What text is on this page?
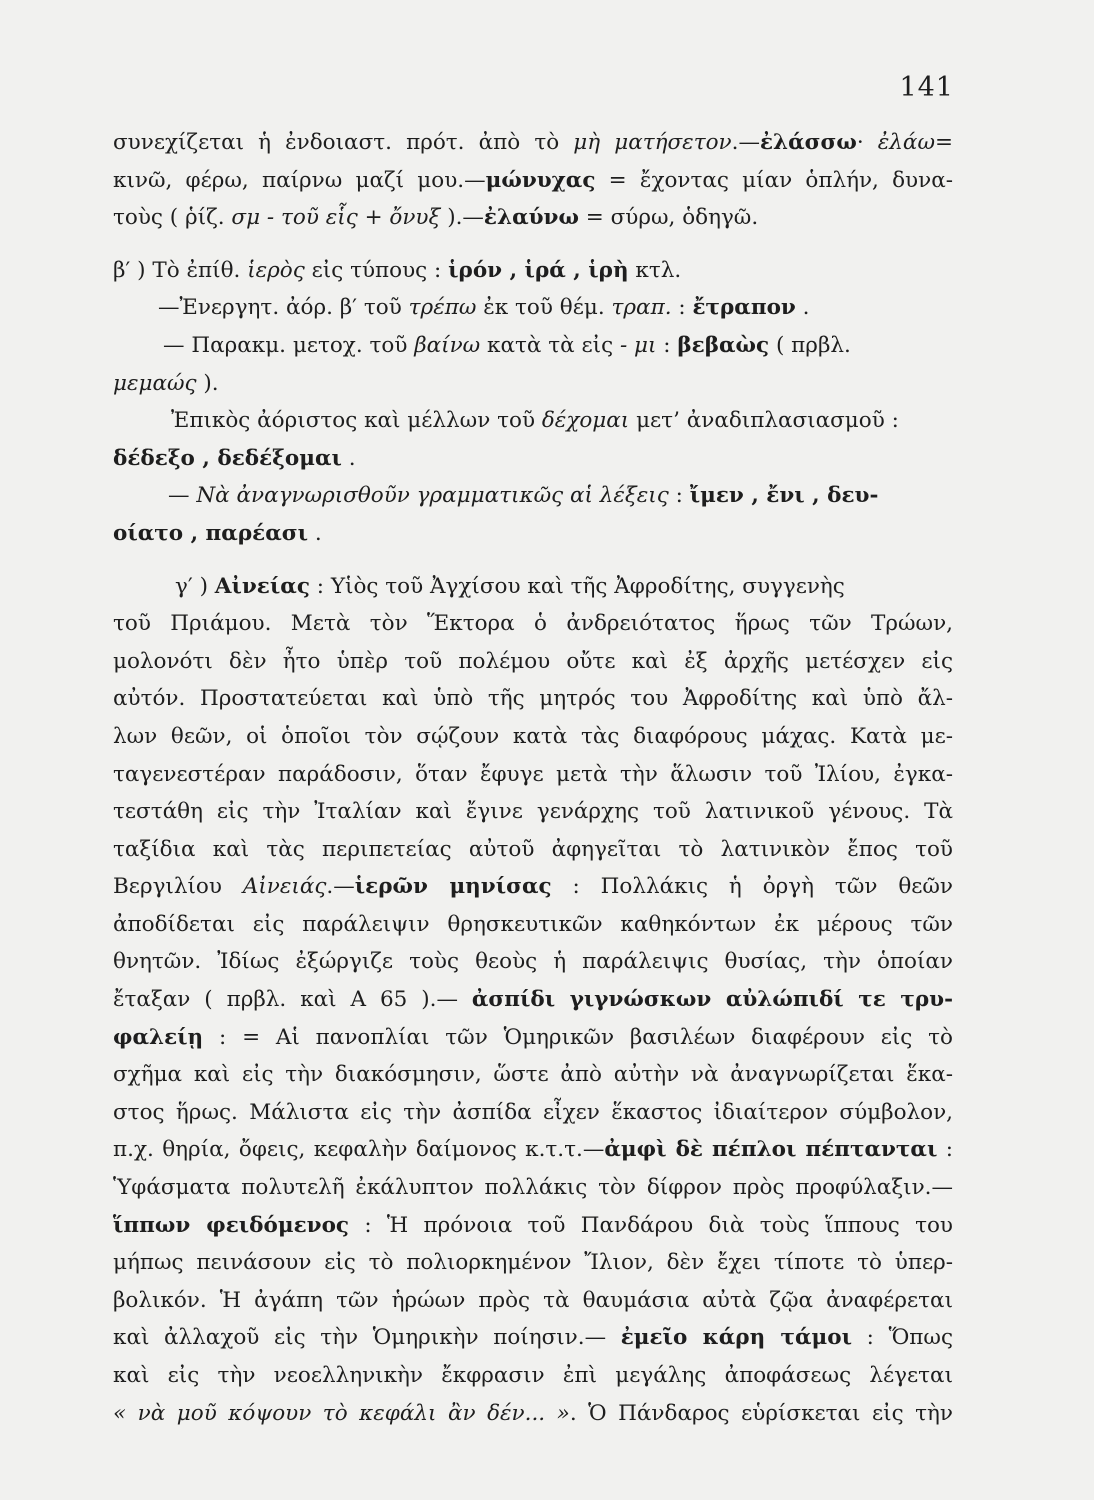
141
συνεχίζεται ἡ ἐνδοιαστ. πρότ. ἀπὸ τὸ μὴ ματήσετον.—ἐλάσσω· ἐλάω=
κινῶ, φέρω, παίρνω μαζί μου.—μώνυχας = ἔχοντας μίαν ὁπλήν, δυνα-
τοὺς ( ῥίζ. σμ - τοῦ εἷς + ὄνυξ ).—ἐλαύνω = σύρω, ὁδηγῶ.
β′ ) Τὸ ἐπίθ. ἱερὸς εἰς τύπους : ἱρόν , ἱρά , ἱρὴ κτλ.
—Ἐνεργητ. ἀόρ. β′ τοῦ τρέπω ἐκ τοῦ θέμ. τραπ. : ἔτραπον .
— Παρακμ. μετοχ. τοῦ βαίνω κατὰ τὰ εἰς - μι : βεβαὼς ( πρβλ.
μεμαώς ).
Ἐπικὸς ἀόριστος καὶ μέλλων τοῦ δέχομαι μετ’ ἀναδιπλασιασμοῦ :
δέδεξο , δεδέξομαι .
— Νὰ ἀναγνωρισθοῦν γραμματικῶς αἱ λέξεις : ἴμεν , ἔνι , δευ-
οίατο , παρέασι .
γ′ ) Αἰνείας : Υἱὸς τοῦ Ἀγχίσου καὶ τῆς Ἀφροδίτης, συγγενὴς
τοῦ Πριάμου. Μετὰ τὸν Ἕκτορα ὁ ἀνδρειότατος ἥρως τῶν Τρώων,
μολονότι δὲν ἦτο ὑπὲρ τοῦ πολέμου οὔτε καὶ ἐξ ἀρχῆς μετέσχεν εἰς
αὐτόν. Προστατεύεται καὶ ὑπὸ τῆς μητρός του Ἀφροδίτης καὶ ὑπὸ ἄλ-
λων θεῶν, οἱ ὁποῖοι τὸν σῴζουν κατὰ τὰς διαφόρους μάχας. Κατὰ με-
ταγενεστέραν παράδοσιν, ὅταν ἔφυγε μετὰ τὴν ἅλωσιν τοῦ Ἰλίου, ἐγκα-
τεστάθη εἰς τὴν Ἰταλίαν καὶ ἔγινε γενάρχης τοῦ λατινικοῦ γένους. Τὰ
ταξίδια καὶ τὰς περιπετείας αὐτοῦ ἀφηγεῖται τὸ λατινικὸν ἔπος τοῦ
Βεργιλίου Αἰνειάς.—ἱερῶν μηνίσας : Πολλάκις ἡ ὀργὴ τῶν θεῶν
ἀποδίδεται εἰς παράλειψιν θρησκευτικῶν καθηκόντων ἐκ μέρους τῶν
θνητῶν. Ἰδίως ἐξώργιζε τοὺς θεοὺς ἡ παράλειψις θυσίας, τὴν ὁποίαν
ἔταξαν ( πρβλ. καὶ Α 65 ).— ἀσπίδι γιγνώσκων αὐλώπιδί τε τρυ-
φαλείῃ : = Αἱ πανοπλίαι τῶν Ὁμηρικῶν βασιλέων διαφέρουν εἰς τὸ
σχῆμα καὶ εἰς τὴν διακόσμησιν, ὥστε ἀπὸ αὐτὴν νὰ ἀναγνωρίζεται ἕκα-
στος ἥρως. Μάλιστα εἰς τὴν ἀσπίδα εἶχεν ἕκαστος ἰδιαίτερον σύμβολον,
π.χ. θηρία, ὄφεις, κεφαλὴν δαίμονος κ.τ.τ.—ἀμφὶ δὲ πέπλοι πέπτανται :
Ὑφάσματα πολυτελῆ ἐκάλυπτον πολλάκις τὸν δίφρον πρὸς προφύλαξιν.—
ἵππων φειδόμενος : Ἡ πρόνοια τοῦ Πανδάρου διὰ τοὺς ἵππους του
μήπως πεινάσουν εἰς τὸ πολιορκημένον Ἴλιον, δὲν ἔχει τίποτε τὸ ὑπερ-
βολικόν. Ἡ ἀγάπη τῶν ἡρώων πρὸς τὰ θαυμάσια αὐτὰ ζῷα ἀναφέρεται
καὶ ἀλλαχοῦ εἰς τὴν Ὁμηρικὴν ποίησιν.— ἐμεῖο κάρη τάμοι : Ὅπως
καὶ εἰς τὴν νεοελληνικὴν ἔκφρασιν ἐπὶ μεγάλης ἀποφάσεως λέγεται
« νὰ μοῦ κόψουν τὸ κεφάλι ἂν δέν... ». Ὁ Πάνδαρος εὑρίσκεται εἰς τὴν
